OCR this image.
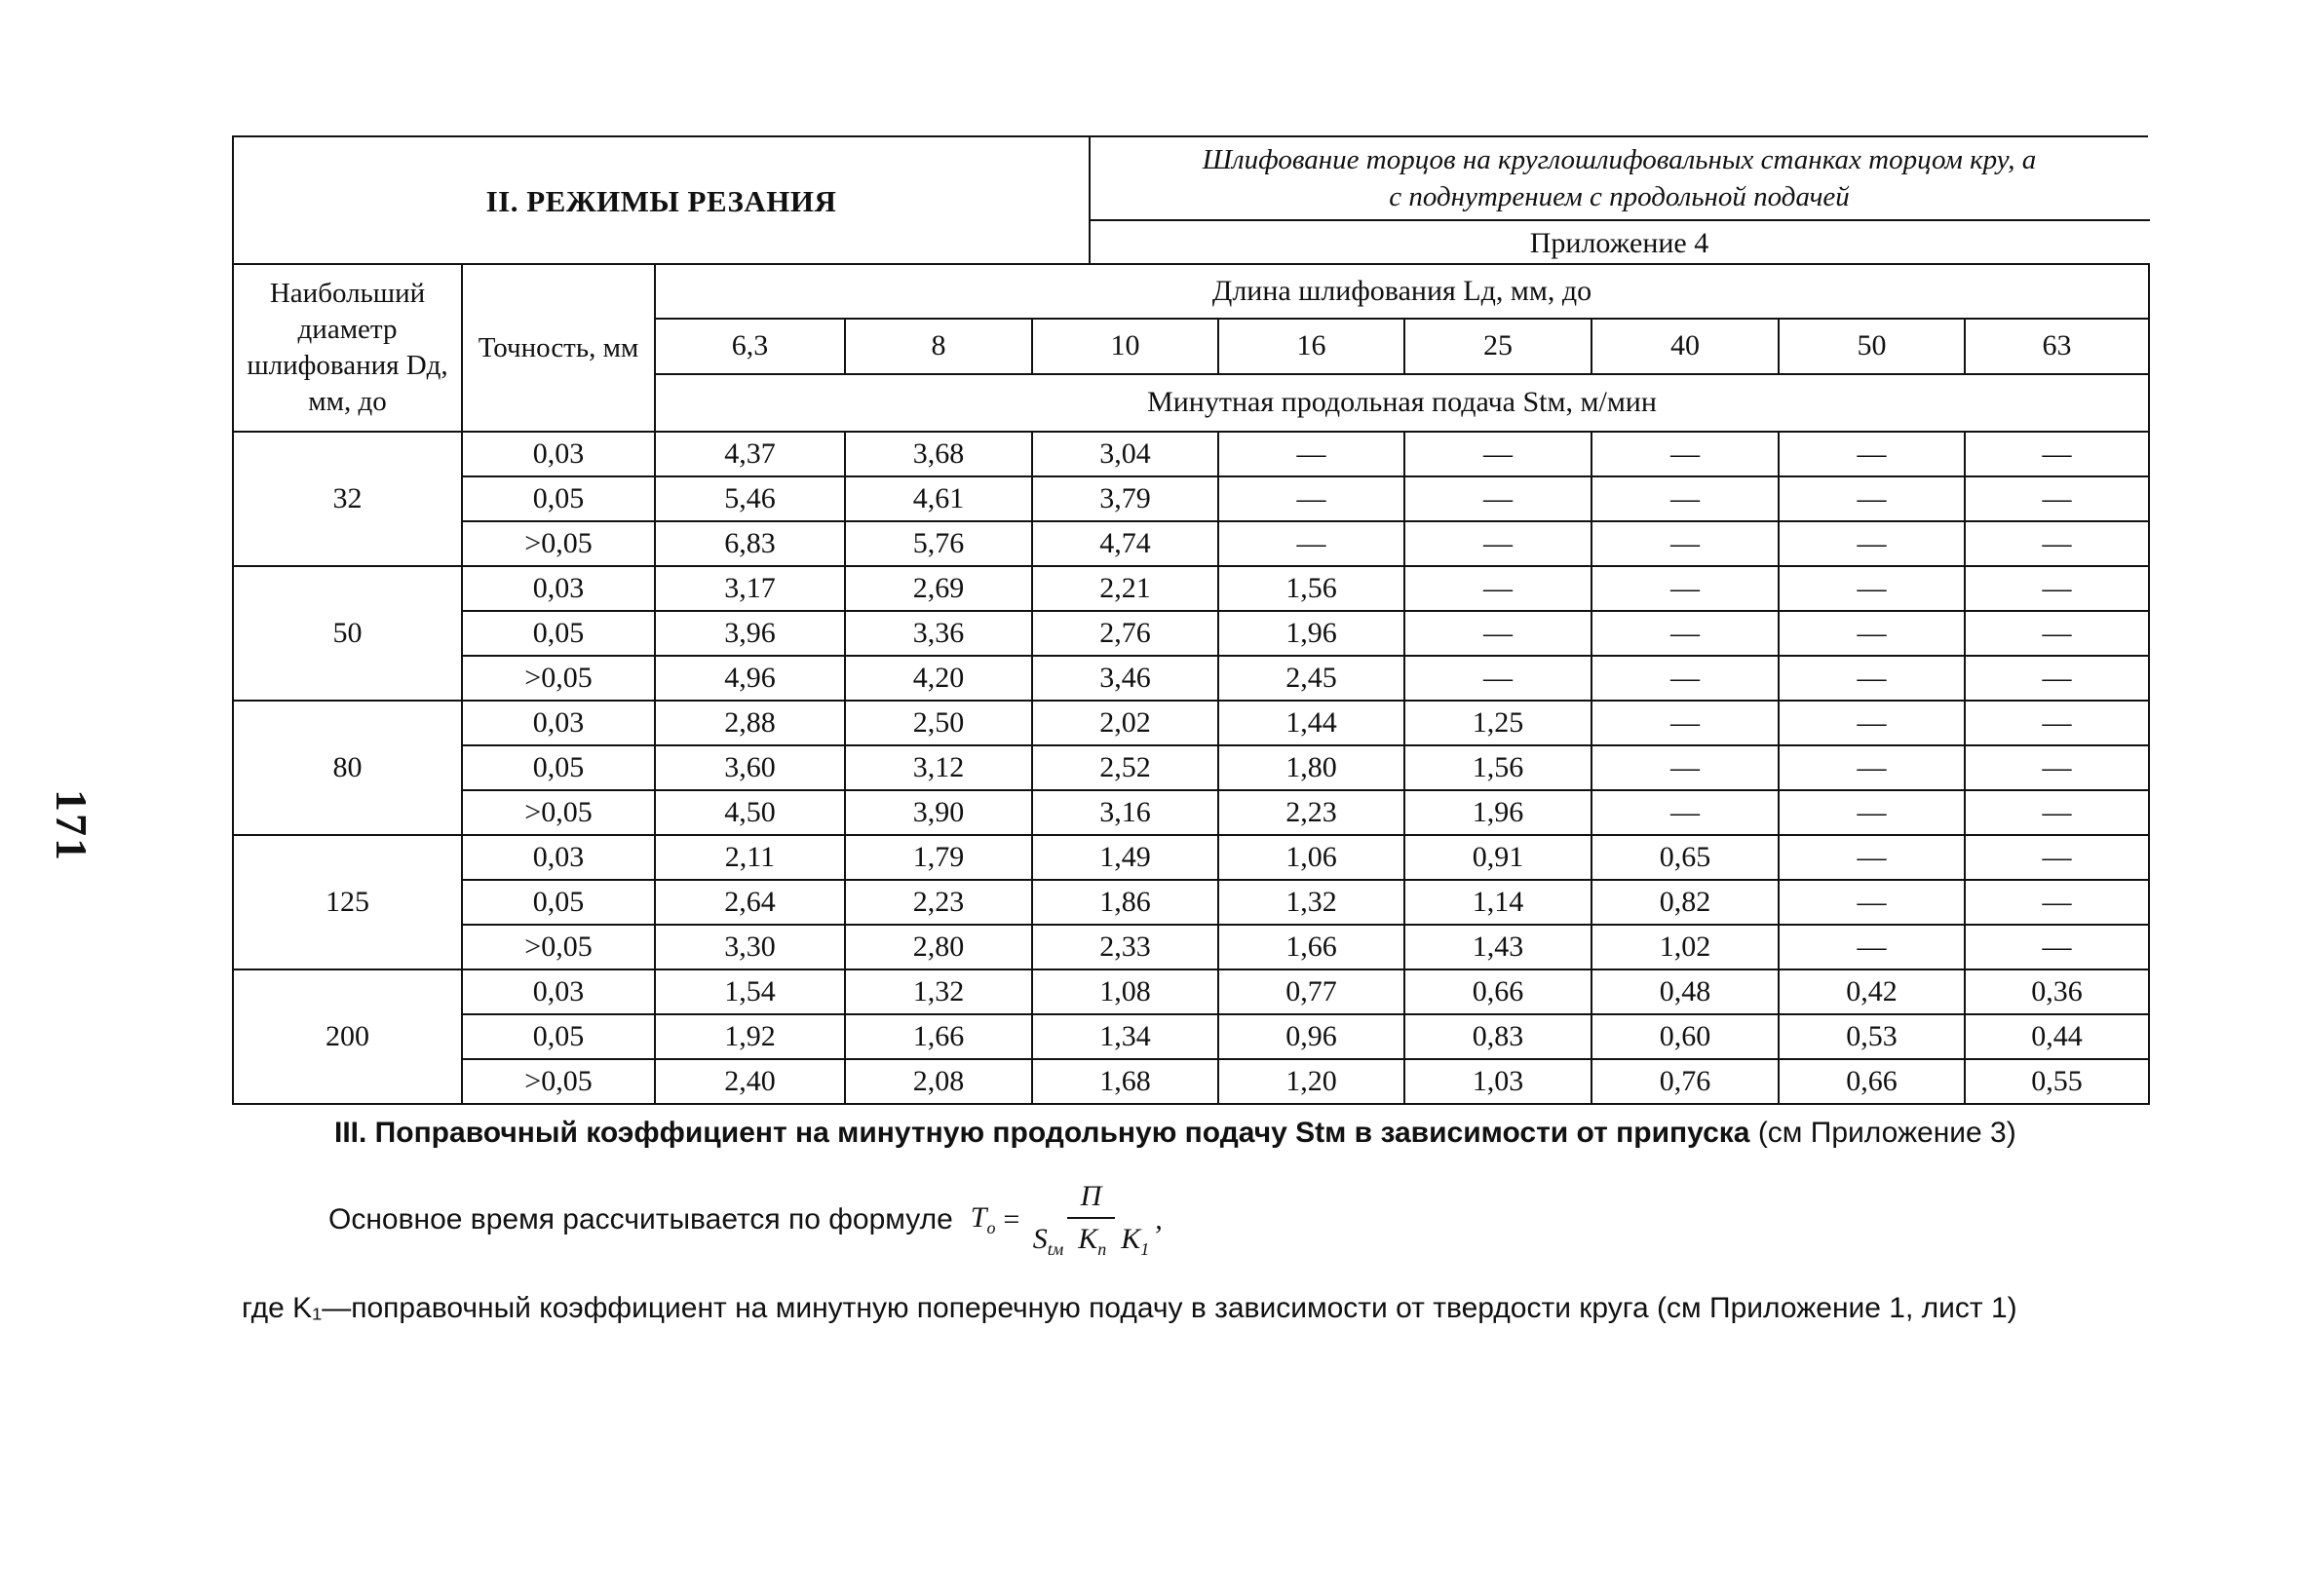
171
II. РЕЖИМЫ РЕЗАНИЯ
Шлифование торцов на круглошлифовальных станках торцом кру, а
с поднутрением с продольной подачей
Приложение 4
Наибольший диаметр шлифования Dд, мм, до	Точность, мм	Длина шлифования Lд, мм, до							
		6,3	8	10	16	25	40	50	63
		Минутная продольная подача Stм, м/мин							
32	0,03	4,37	3,68	3,04	—	—	—	—	—
	0,05	5,46	4,61	3,79	—	—	—	—	—
	>0,05	6,83	5,76	4,74	—	—	—	—	—
50	0,03	3,17	2,69	2,21	1,56	—	—	—	—
	0,05	3,96	3,36	2,76	1,96	—	—	—	—
	>0,05	4,96	4,20	3,46	2,45	—	—	—	—
80	0,03	2,88	2,50	2,02	1,44	1,25	—	—	—
	0,05	3,60	3,12	2,52	1,80	1,56	—	—	—
	>0,05	4,50	3,90	3,16	2,23	1,96	—	—	—
125	0,03	2,11	1,79	1,49	1,06	0,91	0,65	—	—
	0,05	2,64	2,23	1,86	1,32	1,14	0,82	—	—
	>0,05	3,30	2,80	2,33	1,66	1,43	1,02	—	—
200	0,03	1,54	1,32	1,08	0,77	0,66	0,48	0,42	0,36
	0,05	1,92	1,66	1,34	0,96	0,83	0,60	0,53	0,44
	>0,05	2,40	2,08	1,68	1,20	1,03	0,76	0,66	0,55
III. Поправочный коэффициент на минутную продольную подачу Stм в зависимости от припуска (см Приложение 3)
Основное время рассчитывается по формуле $T_o = \frac{П}{S_{tм} K_п K_1}$ ,
где K₁—поправочный коэффициент на минутную поперечную подачу в зависимости от твердости круга (см Приложение 1, лист 1)
